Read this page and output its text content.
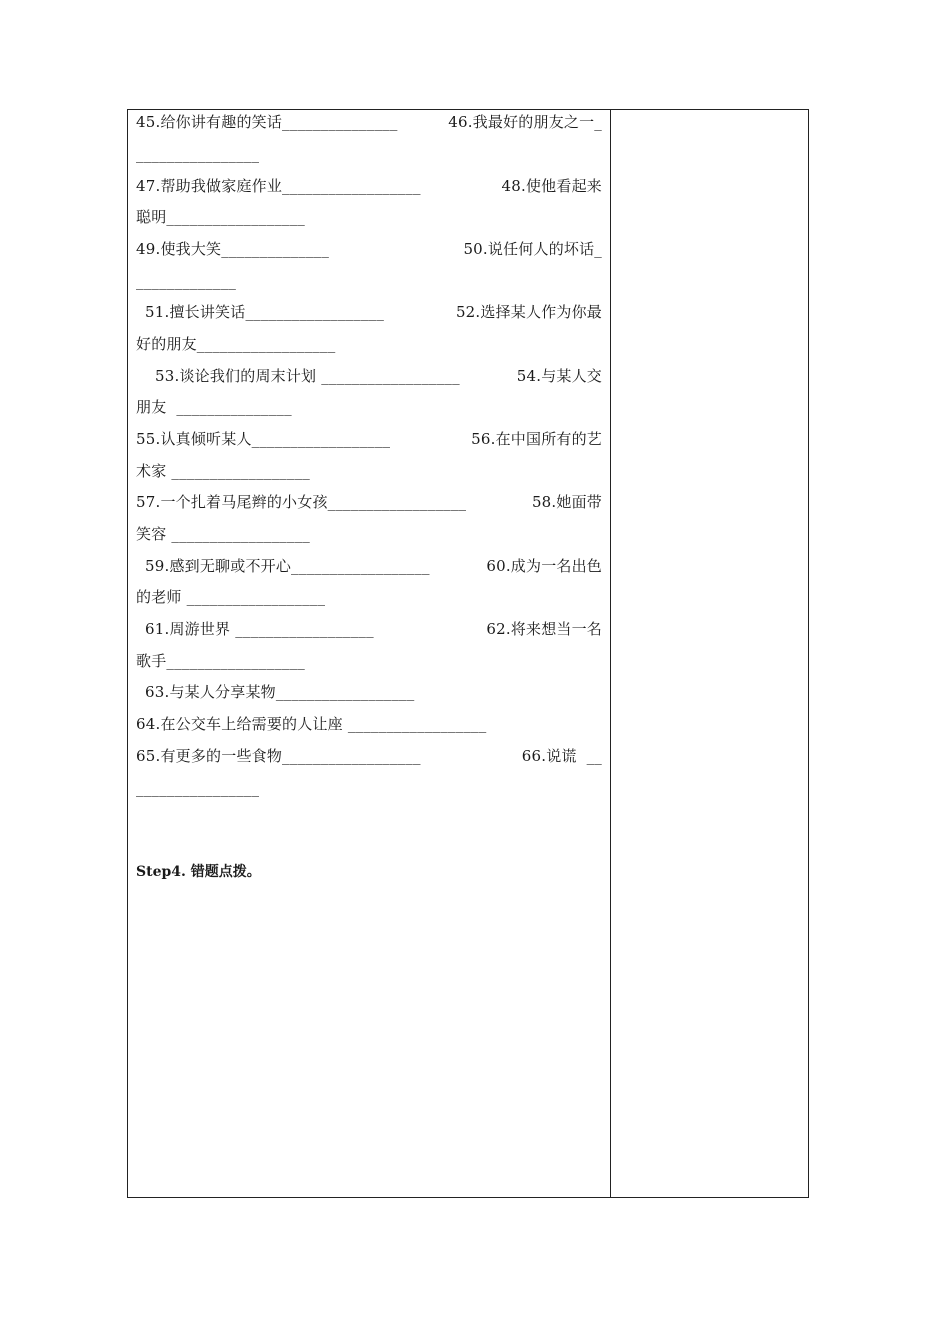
45.给你讲有趣的笑话_______________	46.我最好的朋友之一_
________________
47.帮助我做家庭作业__________________	48.使他看起来
聪明__________________
49.使我大笑______________	50.说任何人的坏话_
_____________
51.擅长讲笑话__________________	52.选择某人作为你最
好的朋友__________________
53.谈论我们的周末计划 __________________	54.与某人交
朋友  _______________
55.认真倾听某人__________________	56.在中国所有的艺
术家 __________________
57.一个扎着马尾辫的小女孩__________________	58.她面带
笑容 __________________
59.感到无聊或不开心__________________	60.成为一名出色
的老师 __________________
61.周游世界 __________________	62.将来想当一名
歌手__________________
63.与某人分享某物__________________
64.在公交车上给需要的人让座 __________________
65.有更多的一些食物__________________	66.说谎  __
________________
Step4. 错题点拨。
